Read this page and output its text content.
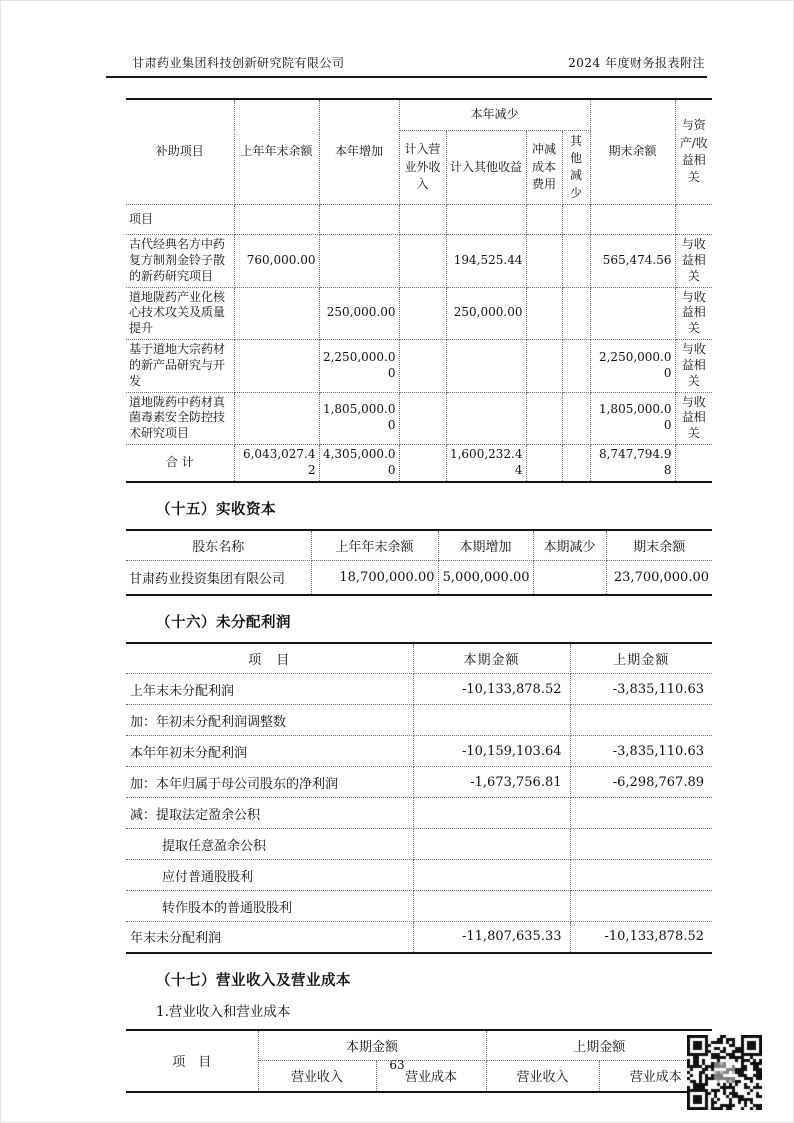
甘肃药业集团科技创新研究院有限公司	2024 年度财务报表附注
补助项目	上年年末余额	本年增加	本年减少				期末余额	与资产/收益相关
			计入营业外收入	计入其他收益	冲减成本费用	其他减少		
项目								
古代经典名方中药复方制剂金铃子散的新药研究项目	760,000.00			194,525.44			565,474.56	与收益相关
道地陇药产业化核心技术攻关及质量提升		250,000.00		250,000.00				与收益相关
基于道地大宗药材的新产品研究与开发		2,250,000.00					2,250,000.00	与收益相关
道地陇药中药材真菌毒素安全防控技术研究项目		1,805,000.00					1,805,000.00	与收益相关
合 计	6,043,027.42	4,305,000.00		1,600,232.44			8,747,794.98	
（十五）实收资本
股东名称	上年年末余额	本期增加	本期减少	期末余额
甘肃药业投资集团有限公司	18,700,000.00	5,000,000.00		23,700,000.00
（十六）未分配利润
项　目	本期金额	上期金额
上年末未分配利润	-10,133,878.52	-3,835,110.63
加：年初未分配利润调整数		
本年年初未分配利润	-10,159,103.64	-3,835,110.63
加：本年归属于母公司股东的净利润	-1,673,756.81	-6,298,767.89
减：提取法定盈余公积		
提取任意盈余公积		
应付普通股股利		
转作股本的普通股股利		
年末未分配利润	-11,807,635.33	-10,133,878.52
（十七）营业收入及营业成本
1.营业收入和营业成本
项　目	本期金额		上期金额	
	营业收入	营业成本	营业收入	营业成本
63
